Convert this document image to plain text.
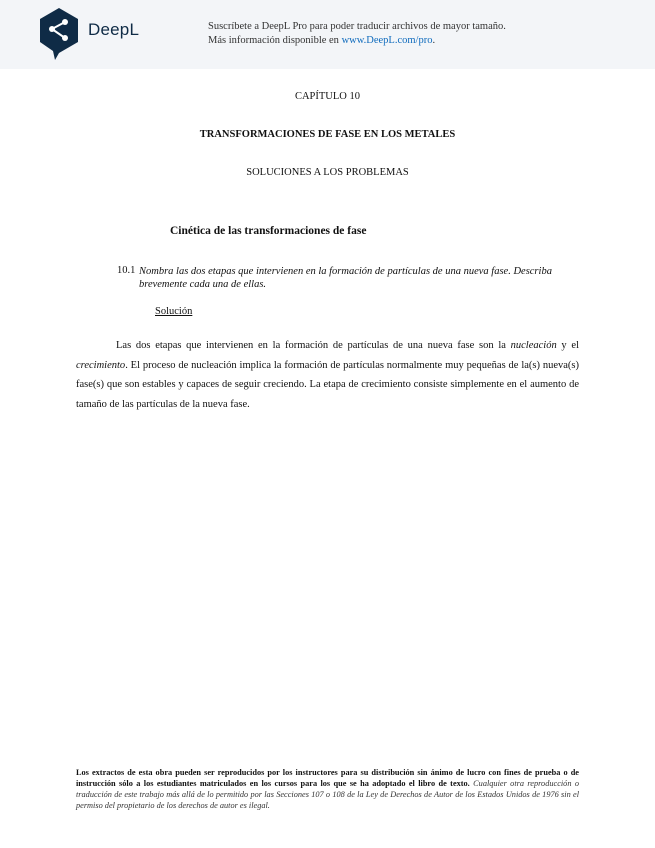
DeepL	Suscríbete a DeepL Pro para poder traducir archivos de mayor tamaño.
Más información disponible en www.DeepL.com/pro.
CAPÍTULO 10
TRANSFORMACIONES DE FASE EN LOS METALES
SOLUCIONES A LOS PROBLEMAS
Cinética de las transformaciones de fase
10.1 Nombra las dos etapas que intervienen en la formación de partículas de una nueva fase. Describa brevemente cada una de ellas.
Solución

Las dos etapas que intervienen en la formación de partículas de una nueva fase son la nucleación y el crecimiento. El proceso de nucleación implica la formación de partículas normalmente muy pequeñas de la(s) nueva(s) fase(s) que son estables y capaces de seguir creciendo. La etapa de crecimiento consiste simplemente en el aumento de tamaño de las partículas de la nueva fase.

Los extractos de esta obra pueden ser reproducidos por los instructores para su distribución sin ánimo de lucro con fines de prueba o de instrucción sólo a los estudiantes matriculados en los cursos para los que se ha adoptado el libro de texto. Cualquier otra reproducción o traducción de este trabajo más allá de lo permitido por las Secciones 107 o 108 de la Ley de Derechos de Autor de los Estados Unidos de 1976 sin el permiso del propietario de los derechos de autor es ilegal.
